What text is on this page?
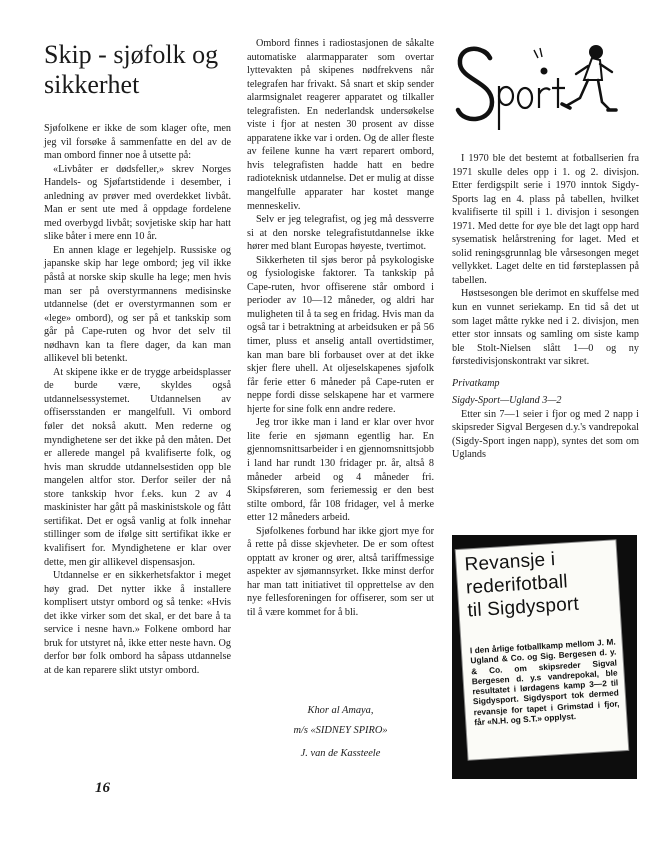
Skip - sjøfolk og sikkerhet

Sjøfolkene er ikke de som klager ofte, men jeg vil forsøke å sammenfatte en del av de man ombord finner noe å utsette på:

«Livbåter er dødsfeller,» skrev Norges Handels- og Sjøfartstidende i desember, i anledning av prøver med overdekket livbåt. Man er sent ute med å oppdage fordelene med overbygd livbåt; sovjetiske skip har hatt slike båter i mere enn 10 år.

En annen klage er legehjelp. Russiske og japanske skip har lege ombord; jeg vil ikke påstå at norske skip skulle ha lege; men hvis man ser på overstyrmannens medisinske utdannelse (det er overstyrmannen som er «lege» ombord), og ser på et tankskip som går på Cape-ruten og hvor det selv til nødhavn kan ta flere dager, da kan man allikevel bli betenkt.

At skipene ikke er de trygge arbeidsplasser de burde være, skyldes også utdannelsessystemet. Utdannelsen av offisersstanden er mangelfull. Vi ombord føler det nokså akutt. Men rederne og myndighetene ser det ikke på den måten. Det er allerede mangel på kvalifiserte folk, og hvis man skrudde utdannelsestiden opp ble mangelen altfor stor. Derfor seiler der nå store tankskip hvor f.eks. kun 2 av 4 maskinister har gått på maskinistskole og fått sertifikat. Det er også vanlig at folk innehar stillinger som de ifølge sitt sertifikat ikke er kvalifisert for. Myndighetene er klar over dette, men gir allikevel dispensasjon.

Utdannelse er en sikkerhetsfaktor i meget høy grad. Det nytter ikke å installere komplisert utstyr ombord og så tenke: «Hvis det ikke virker som det skal, er det bare å ta service i nesne havn.» Folkene ombord har bruk for utstyret nå, ikke etter neste havn. Og derfor bør folk ombord ha såpass utdannelse at de kan reparere slikt utstyr ombord.

Ombord finnes i radiostasjonen de såkalte automatiske alarmapparater som overtar lyttevakten på skipenes nødfrekvens når telegrafen har frivakt. Så snart et skip sender alarmsignalet reagerer apparatet og tilkaller telegrafisten. En nederlandsk undersøkelse viste i fjor at nesten 30 prosent av disse apparatene ikke var i orden. Og de aller fleste av feilene kunne ha vært reparert ombord, hvis telegrafisten hadde hatt en bedre radioteknisk utdannelse. Det er mulig at disse mangelfulle apparater har kostet mange menneskeliv.

Selv er jeg telegrafist, og jeg må dessverre si at den norske telegrafistutdannelse ikke hører med blant Europas høyeste, tvertimot.

Sikkerheten til sjøs beror på psykologiske og fysiologiske faktorer. Ta tankskip på Cape-ruten, hvor offiserene står ombord i perioder av 10—12 måneder, og aldri har muligheten til å ta seg en fridag. Hvis man da også tar i betraktning at arbeidsuken er på 56 timer, pluss et anselig antall overtidstimer, kan man bare bli forbauset over at det ikke skjer flere uhell. At oljeselskapenes sjøfolk får ferie etter 6 måneder på Cape-ruten er neppe fordi disse selskapene har et varmere hjerte for sine folk enn andre redere.

Jeg tror ikke man i land er klar over hvor lite ferie en sjømann egentlig har. En gjennomsnittsarbeider i en gjennomsnittsjobb i land har rundt 130 fridager pr. år, altså 8 måneder arbeid og 4 måneder fri. Skipsføreren, som feriemessig er den best stilte ombord, får 108 fridager, vel å merke etter 12 måneders arbeid.

Sjøfolkenes forbund har ikke gjort mye for å rette på disse skjevheter. De er som oftest opptatt av kroner og ører, altså tariffmessige aspekter av sjømannsyrket. Ikke minst derfor har man tatt initiativet til opprettelse av den nye fellesforeningen for offiserer, som ser ut til å være kommet for å bli.

Khor al Amaya,
m/s «SIDNEY SPIRO»
J. van de Kassteele
16

I 1970 ble det bestemt at fotballserien fra 1971 skulle deles opp i 1. og 2. divisjon. Etter ferdigspilt serie i 1970 inntok Sigdy-Sports lag en 4. plass på tabellen, hvilket kvalifiserte til spill i 1. divisjon i sesongen 1971. Med dette for øye ble det lagt opp hard sysematisk helårstrening for laget. Med et solid reningsgrunnlag ble vårsesongen meget vellykket. Laget delte en tid førsteplassen på tabellen.

Høstsesongen ble derimot en skuffelse med kun en vunnet seriekamp. En tid så det ut som laget måtte rykke ned i 2. divisjon, men etter stor innsats og samling om siste kamp ble Stolt-Nielsen slått 1—0 og ny førstedivisjonskontrakt var sikret.

Privatkamp

Sigdy-Sport—Ugland 3—2

Etter sin 7—1 seier i fjor og med 2 napp i skipsreder Sigval Bergesen d.y.'s vandrepokal (Sigdy-Sport ingen napp), syntes det som om Uglands

Revansje i
rederifotball
til Sigdysport

I den årlige fotballkamp mellom J. M. Ugland & Co. og Sig. Bergesen d. y. & Co. om skipsreder Sigval Bergesen d. y.s vandrepokal, ble resultatet i lørdagens kamp 3—2 til Sigdysport. Sigdysport tok dermed revansje for tapet i Grimstad i fjor, får «N.H. og S.T.» opplyst.
